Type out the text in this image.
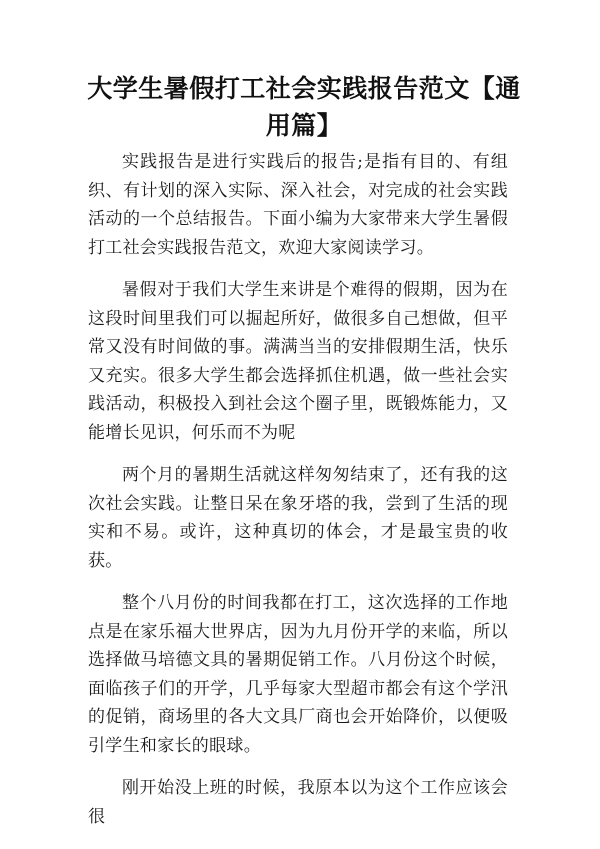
大学生暑假打工社会实践报告范文【通用篇】

实践报告是进行实践后的报告;是指有目的、有组织、有计划的深入实际、深入社会，对完成的社会实践活动的一个总结报告。下面小编为大家带来大学生暑假打工社会实践报告范文，欢迎大家阅读学习。

暑假对于我们大学生来讲是个难得的假期，因为在这段时间里我们可以掘起所好，做很多自己想做，但平常又没有时间做的事。满满当当的安排假期生活，快乐又充实。很多大学生都会选择抓住机遇，做一些社会实践活动，积极投入到社会这个圈子里，既锻炼能力，又能增长见识，何乐而不为呢

两个月的暑期生活就这样匆匆结束了，还有我的这次社会实践。让整日呆在象牙塔的我，尝到了生活的现实和不易。或许，这种真切的体会，才是最宝贵的收获。

整个八月份的时间我都在打工，这次选择的工作地点是在家乐福大世界店，因为九月份开学的来临，所以选择做马培德文具的暑期促销工作。八月份这个时候，面临孩子们的开学，几乎每家大型超市都会有这个学汛的促销，商场里的各大文具厂商也会开始降价，以便吸引学生和家长的眼球。

刚开始没上班的时候，我原本以为这个工作应该会很
